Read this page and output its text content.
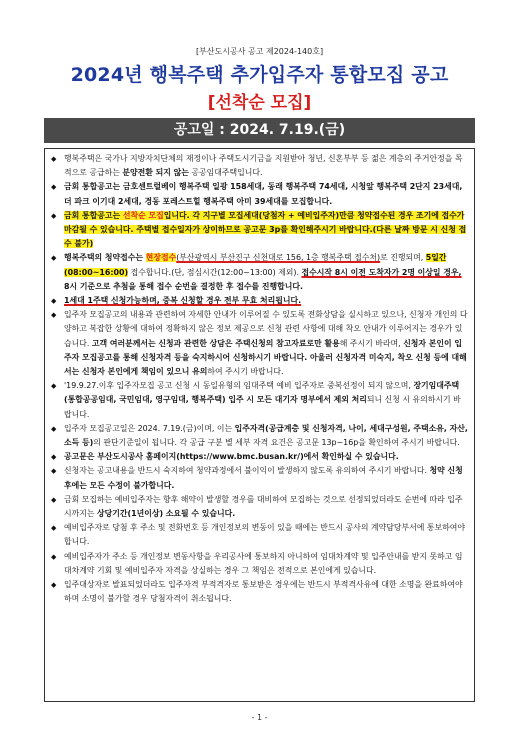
[부산도시공사 공고 제2024-140호]
2024년 행복주택 추가입주자 통합모집 공고
[선착순 모집]
공고일 : 2024. 7.19.(금)
◆ 행복주택은 국가나 지방자치단체의 재정이나 주택도시기금을 지원받아 청년, 신혼부부 등 젊은 계층의 주거안정을 목적으로 공급하는 분양전환 되지 않는 공공임대주택입니다.
◆ 금회 통합공고는 금호센트럴베이 행복주택 일광 158세대, 동래 행복주택 74세대, 시청앞 행복주택 2단지 23세대, 더 파크 이기대 2세대, 경동 포레스트힐 행복주택 아미 39세대를 모집합니다.
◆ 금회 통합공고는 선착순 모집입니다. 각 지구별 모집세대(당첨자 + 예비입주자)만큼 청약접수된 경우 조기에 접수가 마감될 수 있습니다. 주택별 접수일자가 상이하므로 공고문 3p를 확인해주시기 바랍니다.(다른 날짜 방문 시 신청 접수 불가)
◆ 행복주택의 청약접수는 현장접수(부산광역시 부산진구 신천대로 156, 1층 행복주택 접수처)로 진행되며, 5일간(08:00~16:00) 접수합니다.(단, 점심시간(12:00~13:00) 제외). 접수시작 8시 이전 도착자가 2명 이상일 경우, 8시 기준으로 추첨을 통해 접수 순번을 결정한 후 접수를 진행합니다.
◆ 1세대 1주택 신청가능하며, 중복 신청할 경우 전부 무효 처리됩니다.
◆ 입주자 모집공고의 내용과 관련하여 자세한 안내가 이루어질 수 있도록 전화상담을 실시하고 있으나, 신청자 개인의 다양하고 복잡한 상황에 대하여 정확하지 않은 정보 제공으로 신청 관련 사항에 대해 착오 안내가 이루어지는 경우가 있습니다. 고객 여러분께서는 신청과 관련한 상담은 주택신청의 참고자료로만 활용해 주시기 바라며, 신청자 본인이 입주자 모집공고를 통해 신청자격 등을 숙지하시어 신청하시기 바랍니다. 아울러 신청자격 미숙지, 착오 신청 등에 대해서는 신청자 본인에게 책임이 있으니 유의하여 주시기 바랍니다.
◆ '19.9.27.이후 입주자모집 공고 신청 시 동일유형의 임대주택 예비 입주자로 중복선정이 되지 않으며, 장기임대주택(통합공공임대, 국민임대, 영구임대, 행복주택) 입주 시 모든 대기자 명부에서 제외 처리되니 신청 시 유의하시기 바랍니다.
◆ 입주자 모집공고일은 2024. 7.19.(금)이며, 이는 입주자격(공급계층 및 신청자격, 나이, 세대구성원, 주택소유, 자산, 소득 등)의 판단기준일이 됩니다. 각 공급 구분 별 세부 자격 요건은 공고문 13p~16p을 확인하여 주시기 바랍니다.
◆ 공고문은 부산도시공사 홈페이지(https://www.bmc.busan.kr/)에서 확인하실 수 있습니다.
◆ 신청자는 공고내용을 반드시 숙지하여 청약과정에서 불이익이 발생하지 않도록 유의하여 주시기 바랍니다. 청약 신청 후에는 모든 수정이 불가합니다.
◆ 금회 모집하는 예비입주자는 향후 해약이 발생할 경우를 대비하여 모집하는 것으로 선정되었더라도 순번에 따라 입주 시까지는 상당기간(1년이상) 소요될 수 있습니다.
◆ 예비입주자로 당첨 후 주소 및 전화번호 등 개인정보의 변동이 있을 때에는 반드시 공사의 계약담당부서에 통보하여야 합니다.
◆ 예비입주자가 주소 등 개인정보 변동사항을 우리공사에 통보하지 아니하여 임대차계약 및 입주안내를 받지 못하고 임대차계약 기회 및 예비입주자 자격을 상실하는 경우 그 책임은 전적으로 본인에게 있습니다.
◆ 입주대상자로 발표되었더라도 입주자격 부적격자로 통보받은 경우에는 반드시 부적격사유에 대한 소명을 완료하여야하며 소명이 불가할 경우 당첨자격이 취소됩니다.
- 1 -
